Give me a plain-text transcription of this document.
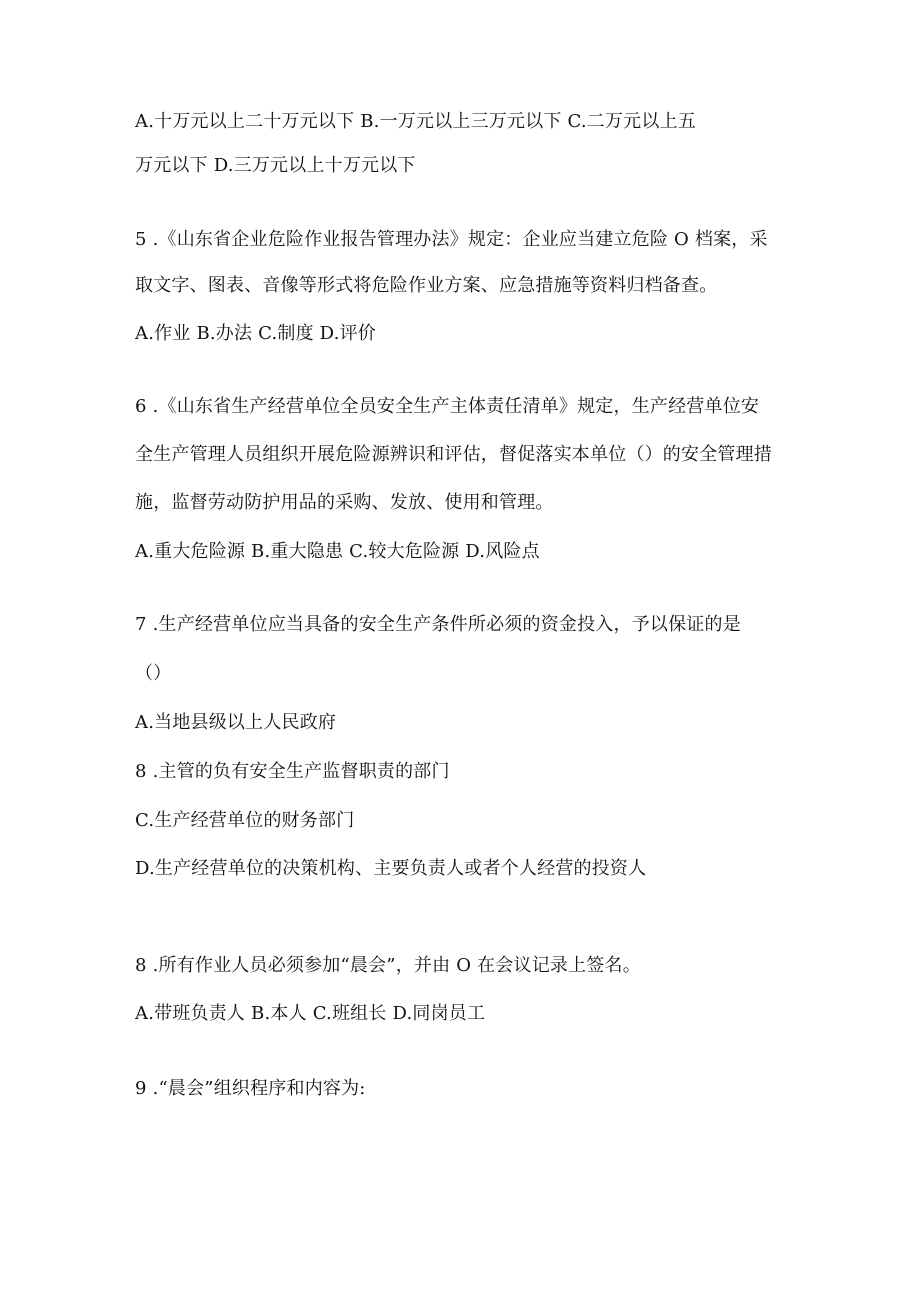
A.十万元以上二十万元以下 B.一万元以上三万元以下 C.二万元以上五
万元以下 D.三万元以上十万元以下
5 .《山东省企业危险作业报告管理办法》规定：企业应当建立危险 O 档案，采
取文字、图表、音像等形式将危险作业方案、应急措施等资料归档备查。
A.作业 B.办法 C.制度 D.评价
6 .《山东省生产经营单位全员安全生产主体责任清单》规定，生产经营单位安
全生产管理人员组织开展危险源辨识和评估，督促落实本单位（）的安全管理措
施，监督劳动防护用品的采购、发放、使用和管理。
A.重大危险源 B.重大隐患 C.较大危险源 D.风险点
7 .生产经营单位应当具备的安全生产条件所必须的资金投入，予以保证的是
（）
A.当地县级以上人民政府
8 .主管的负有安全生产监督职责的部门
C.生产经营单位的财务部门
D.生产经营单位的决策机构、主要负责人或者个人经营的投资人
8 .所有作业人员必须参加“晨会”，并由 O 在会议记录上签名。
A.带班负责人 B.本人 C.班组长 D.同岗员工
9 .“晨会”组织程序和内容为:
